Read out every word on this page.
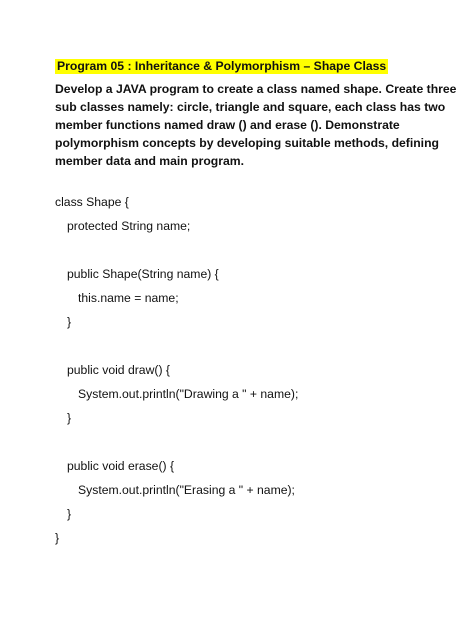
Program 05 : Inheritance & Polymorphism – Shape Class
Develop a JAVA program to create a class named shape. Create three
sub classes namely: circle, triangle and square, each class has two
member functions named draw () and erase (). Demonstrate
polymorphism concepts by developing suitable methods, defining
member data and main program.
class Shape {
protected String name;
public Shape(String name) {
this.name = name;
}
public void draw() {
System.out.println("Drawing a " + name);
}
public void erase() {
System.out.println("Erasing a " + name);
}
}
